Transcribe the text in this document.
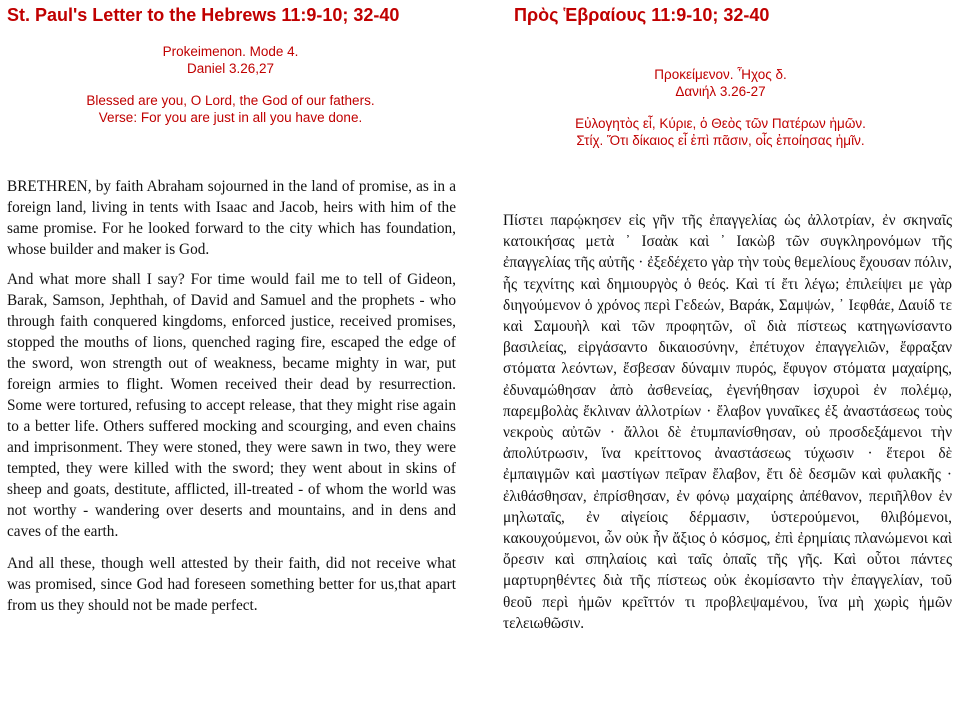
St. Paul's Letter to the Hebrews 11:9-10; 32-40	Πρὸς Ἑβραίους 11:9-10; 32-40
Prokeimenon. Mode 4.
Daniel 3.26,27
Blessed are you, O Lord, the God of our fathers.
Verse: For you are just in all you have done.
Προκείμενον. Ἦχος δ.
Δανιήλ 3.26-27
Εὐλογητὸς εἶ, Κύριε, ὁ Θεὸς τῶν Πατέρων ἡμῶν.
Στίχ. Ὅτι δίκαιος εἶ ἐπὶ πᾶσιν, οἷς ἐποίησας ἡμῖν.

BRETHREN, by faith Abraham sojourned in the land of promise, as in a foreign land, living in tents with Isaac and Jacob, heirs with him of the same promise. For he looked forward to the city which has foundation, whose builder and maker is God.

And what more shall I say? For time would fail me to tell of Gideon, Barak, Samson, Jephthah, of David and Samuel and the prophets - who through faith conquered kingdoms, enforced justice, received promises, stopped the mouths of lions, quenched raging fire, escaped the edge of the sword, won strength out of weakness, became mighty in war, put foreign armies to flight. Women received their dead by resurrection. Some were tortured, refusing to accept release, that they might rise again to a better life. Others suffered mocking and scourging, and even chains and imprisonment. They were stoned, they were sawn in two, they were tempted, they were killed with the sword; they went about in skins of sheep and goats, destitute, afflicted, ill-treated - of whom the world was not worthy - wandering over deserts and mountains, and in dens and caves of the earth.

And all these, though well attested by their faith, did not receive what was promised, since God had foreseen something better for us,that apart from us they should not be made perfect.

Πίστει παρῴκησεν εἰς γῆν τῆς ἐπαγγελίας ὡς ἀλλοτρίαν, ἐν σκηναῖς κατοικήσας μετὰ ᾽ Ισαὰκ καὶ ᾽ Ιακὼβ τῶν συγκληρονόμων τῆς ἐπαγγελίας τῆς αὐτῆς · ἐξεδέχετο γὰρ τὴν τοὺς θεμελίους ἔχουσαν πόλιν, ἧς τεχνίτης καὶ δημιουργὸς ὁ θεός. Καὶ τί ἔτι λέγω; ἐπιλείψει με γὰρ διηγούμενον ὁ χρόνος περὶ Γεδεών, Βαράκ, Σαμψών, ᾽ Ιεφθάε, Δαυίδ τε καὶ Σαμουὴλ καὶ τῶν προφητῶν, οἳ διὰ πίστεως κατηγωνίσαντο βασιλείας, εἰργάσαντο δικαιοσύνην, ἐπέτυχον ἐπαγγελιῶν, ἔφραξαν στόματα λεόντων, ἔσβεσαν δύναμιν πυρός, ἔφυγον στόματα μαχαίρης, ἐδυναμώθησαν ἀπὸ ἀσθενείας, ἐγενήθησαν ἰσχυροὶ ἐν πολέμῳ, παρεμβολὰς ἔκλιναν ἀλλοτρίων · ἔλαβον γυναῖκες ἐξ ἀναστάσεως τοὺς νεκροὺς αὐτῶν · ἄλλοι δὲ ἐτυμπανίσθησαν, οὐ προσδεξάμενοι τὴν ἀπολύτρωσιν, ἵνα κρείττονος ἀναστάσεως τύχωσιν · ἕτεροι δὲ ἐμπαιγμῶν καὶ μαστίγων πεῖραν ἔλαβον, ἔτι δὲ δεσμῶν καὶ φυλακῆς · ἐλιθάσθησαν, ἐπρίσθησαν, ἐν φόνῳ μαχαίρης ἀπέθανον, περιῆλθον ἐν μηλωταῖς, ἐν αἰγείοις δέρμασιν, ὑστερούμενοι, θλιβόμενοι, κακουχούμενοι, ὧν οὐκ ἦν ἄξιος ὁ κόσμος, ἐπὶ ἐρημίαις πλανώμενοι καὶ ὄρεσιν καὶ σπηλαίοις καὶ ταῖς ὀπαῖς τῆς γῆς. Καὶ οὗτοι πάντες μαρτυρηθέντες διὰ τῆς πίστεως οὐκ ἐκομίσαντο τὴν ἐπαγγελίαν, τοῦ θεοῦ περὶ ἡμῶν κρεῖττόν τι προβλεψαμένου, ἵνα μὴ χωρὶς ἡμῶν τελειωθῶσιν.
